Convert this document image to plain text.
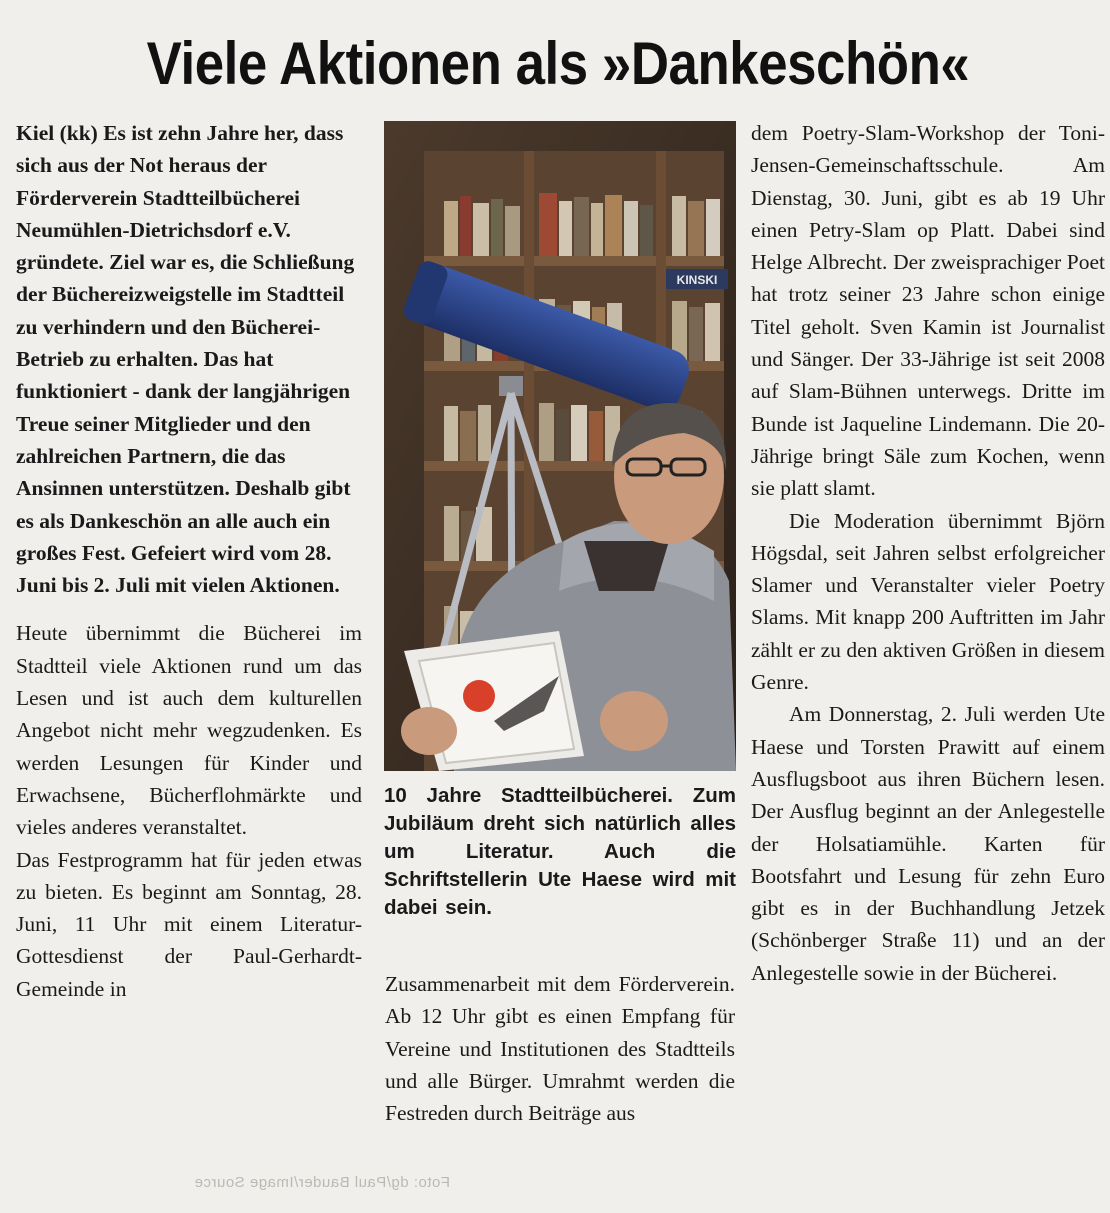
Viele Aktionen als »Dankeschön«

Kiel (kk) Es ist zehn Jahre her, dass sich aus der Not heraus der Förderverein Stadtteilbücherei Neumühlen-Dietrichsdorf e.V. gründete. Ziel war es, die Schließung der Büchereizweigstelle im Stadtteil zu verhindern und den Bücherei-Betrieb zu erhalten. Das hat funktioniert - dank der langjährigen Treue seiner Mitglieder und den zahlreichen Partnern, die das Ansinnen unterstützen. Deshalb gibt es als Dankeschön an alle auch ein großes Fest. Gefeiert wird vom 28. Juni bis 2. Juli mit vielen Aktionen.

Heute übernimmt die Bücherei im Stadtteil viele Aktionen rund um das Lesen und ist auch dem kulturellen Angebot nicht mehr wegzudenken. Es werden Lesungen für Kinder und Erwachsene, Bücherflohmärkte und vieles anderes veranstaltet.

Das Festprogramm hat für jeden etwas zu bieten. Es beginnt am Sonntag, 28. Juni, 11 Uhr mit einem Literatur-Gottesdienst der Paul-Gerhardt-Gemeinde in

KINSKI
10 Jahre Stadtteilbücherei. Zum Jubiläum dreht sich natürlich alles um Literatur. Auch die Schriftstellerin Ute Haese wird mit dabei sein.

Zusammenarbeit mit dem Förderverein. Ab 12 Uhr gibt es einen Empfang für Vereine und Institutionen des Stadtteils und alle Bürger. Umrahmt werden die Festreden durch Beiträge aus

dem Poetry-Slam-Workshop der Toni-Jensen-Gemeinschaftsschule. Am Dienstag, 30. Juni, gibt es ab 19 Uhr einen Petry-Slam op Platt. Dabei sind Helge Albrecht. Der zweisprachiger Poet hat trotz seiner 23 Jahre schon einige Titel geholt. Sven Kamin ist Journalist und Sänger. Der 33-Jährige ist seit 2008 auf Slam-Bühnen unterwegs. Dritte im Bunde ist Jaqueline Lindemann. Die 20-Jährige bringt Säle zum Kochen, wenn sie platt slamt.

Die Moderation übernimmt Björn Högsdal, seit Jahren selbst erfolgreicher Slamer und Veranstalter vieler Poetry Slams. Mit knapp 200 Auftritten im Jahr zählt er zu den aktiven Größen in diesem Genre.

Am Donnerstag, 2. Juli werden Ute Haese und Torsten Prawitt auf einem Ausflugsboot aus ihren Büchern lesen. Der Ausflug beginnt an der Anlegestelle der Holsatiamühle. Karten für Bootsfahrt und Lesung für zehn Euro gibt es in der Buchhandlung Jetzek (Schönberger Straße 11) und an der Anlegestelle sowie in der Bücherei.

Foto: dg/Paul Bauder/Image Source
